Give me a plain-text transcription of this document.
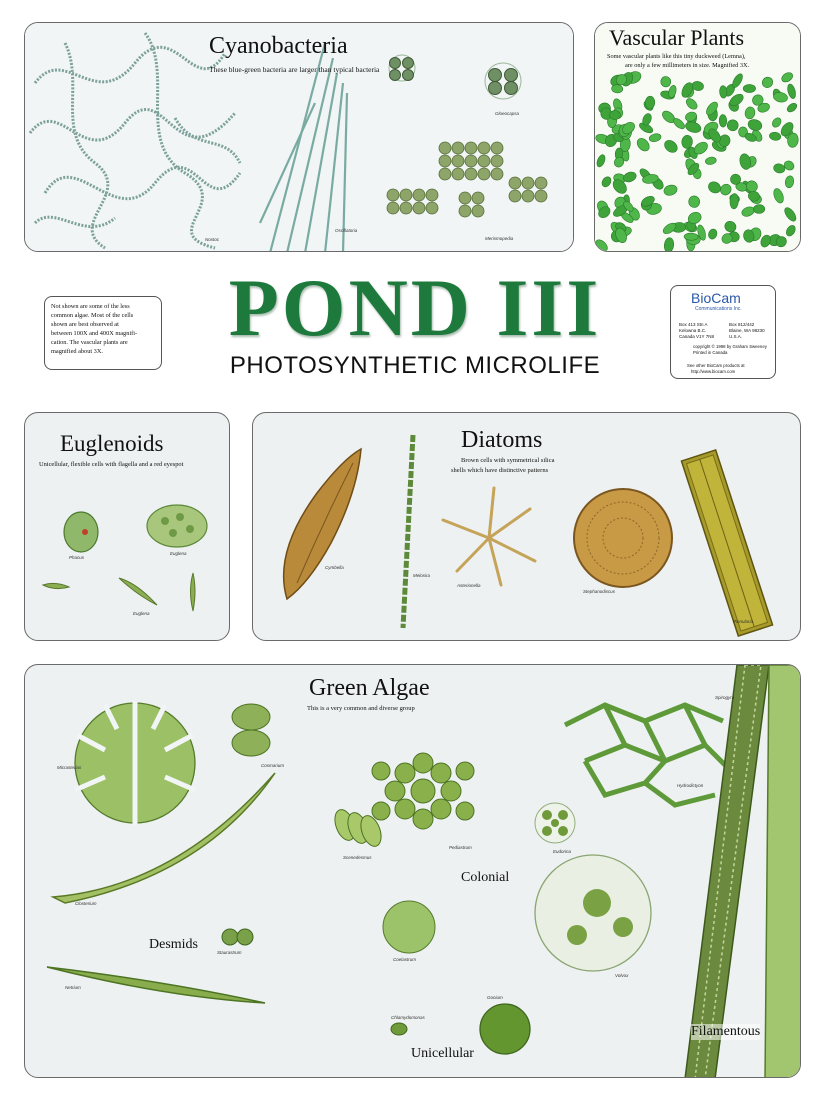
Cyanobacteria
These blue-green bacteria are larger than typical bacteria
Nostoc
Oscillatoria
Gloeocapsa
Merismopedia
Vascular Plants
Some vascular plants like this tiny duckweed (Lemna),
are only a few millimeters in size. Magnified 3X.
Not shown are some of the less
common algae. Most of the cells
shown are best observed at
between 100X and 400X magnifi-
cation. The vascular plants are
magnified about 3X.	POND III
PHOTOSYNTHETIC MICROLIFE
BioCam
Communications Inc.
Box 413 Stn A
Kelowna B.C.
Canada V1Y 7N8
Box 812/442
Blaine, WA 98230
U.S.A.
copyright © 1998 by Graham Sweeney
Printed in Canada
See other BioCam products at
http://www.biocam.com
Euglenoids
Unicellular, flexible cells with flagella and a red eyespot
Phacus
Euglena
Euglena
Diatoms
Brown cells with symmetrical silica
shells which have distinctive patterns
Cymbella
Melosira
Asterionella
Stephanodiscus
Pinnularia
Green Algae
This is a very common and diverse group
Colonial
Desmids
Unicellular
Filamentous
Micrasterias	Cosmarium
Closterium
Pediastrum
Scenedesmus
Staurastrum
Eudorina
Hydrodictyon
Volvox
Coelastrum
Chlamydomonas
Gonium
Spirogyra
Netrium
